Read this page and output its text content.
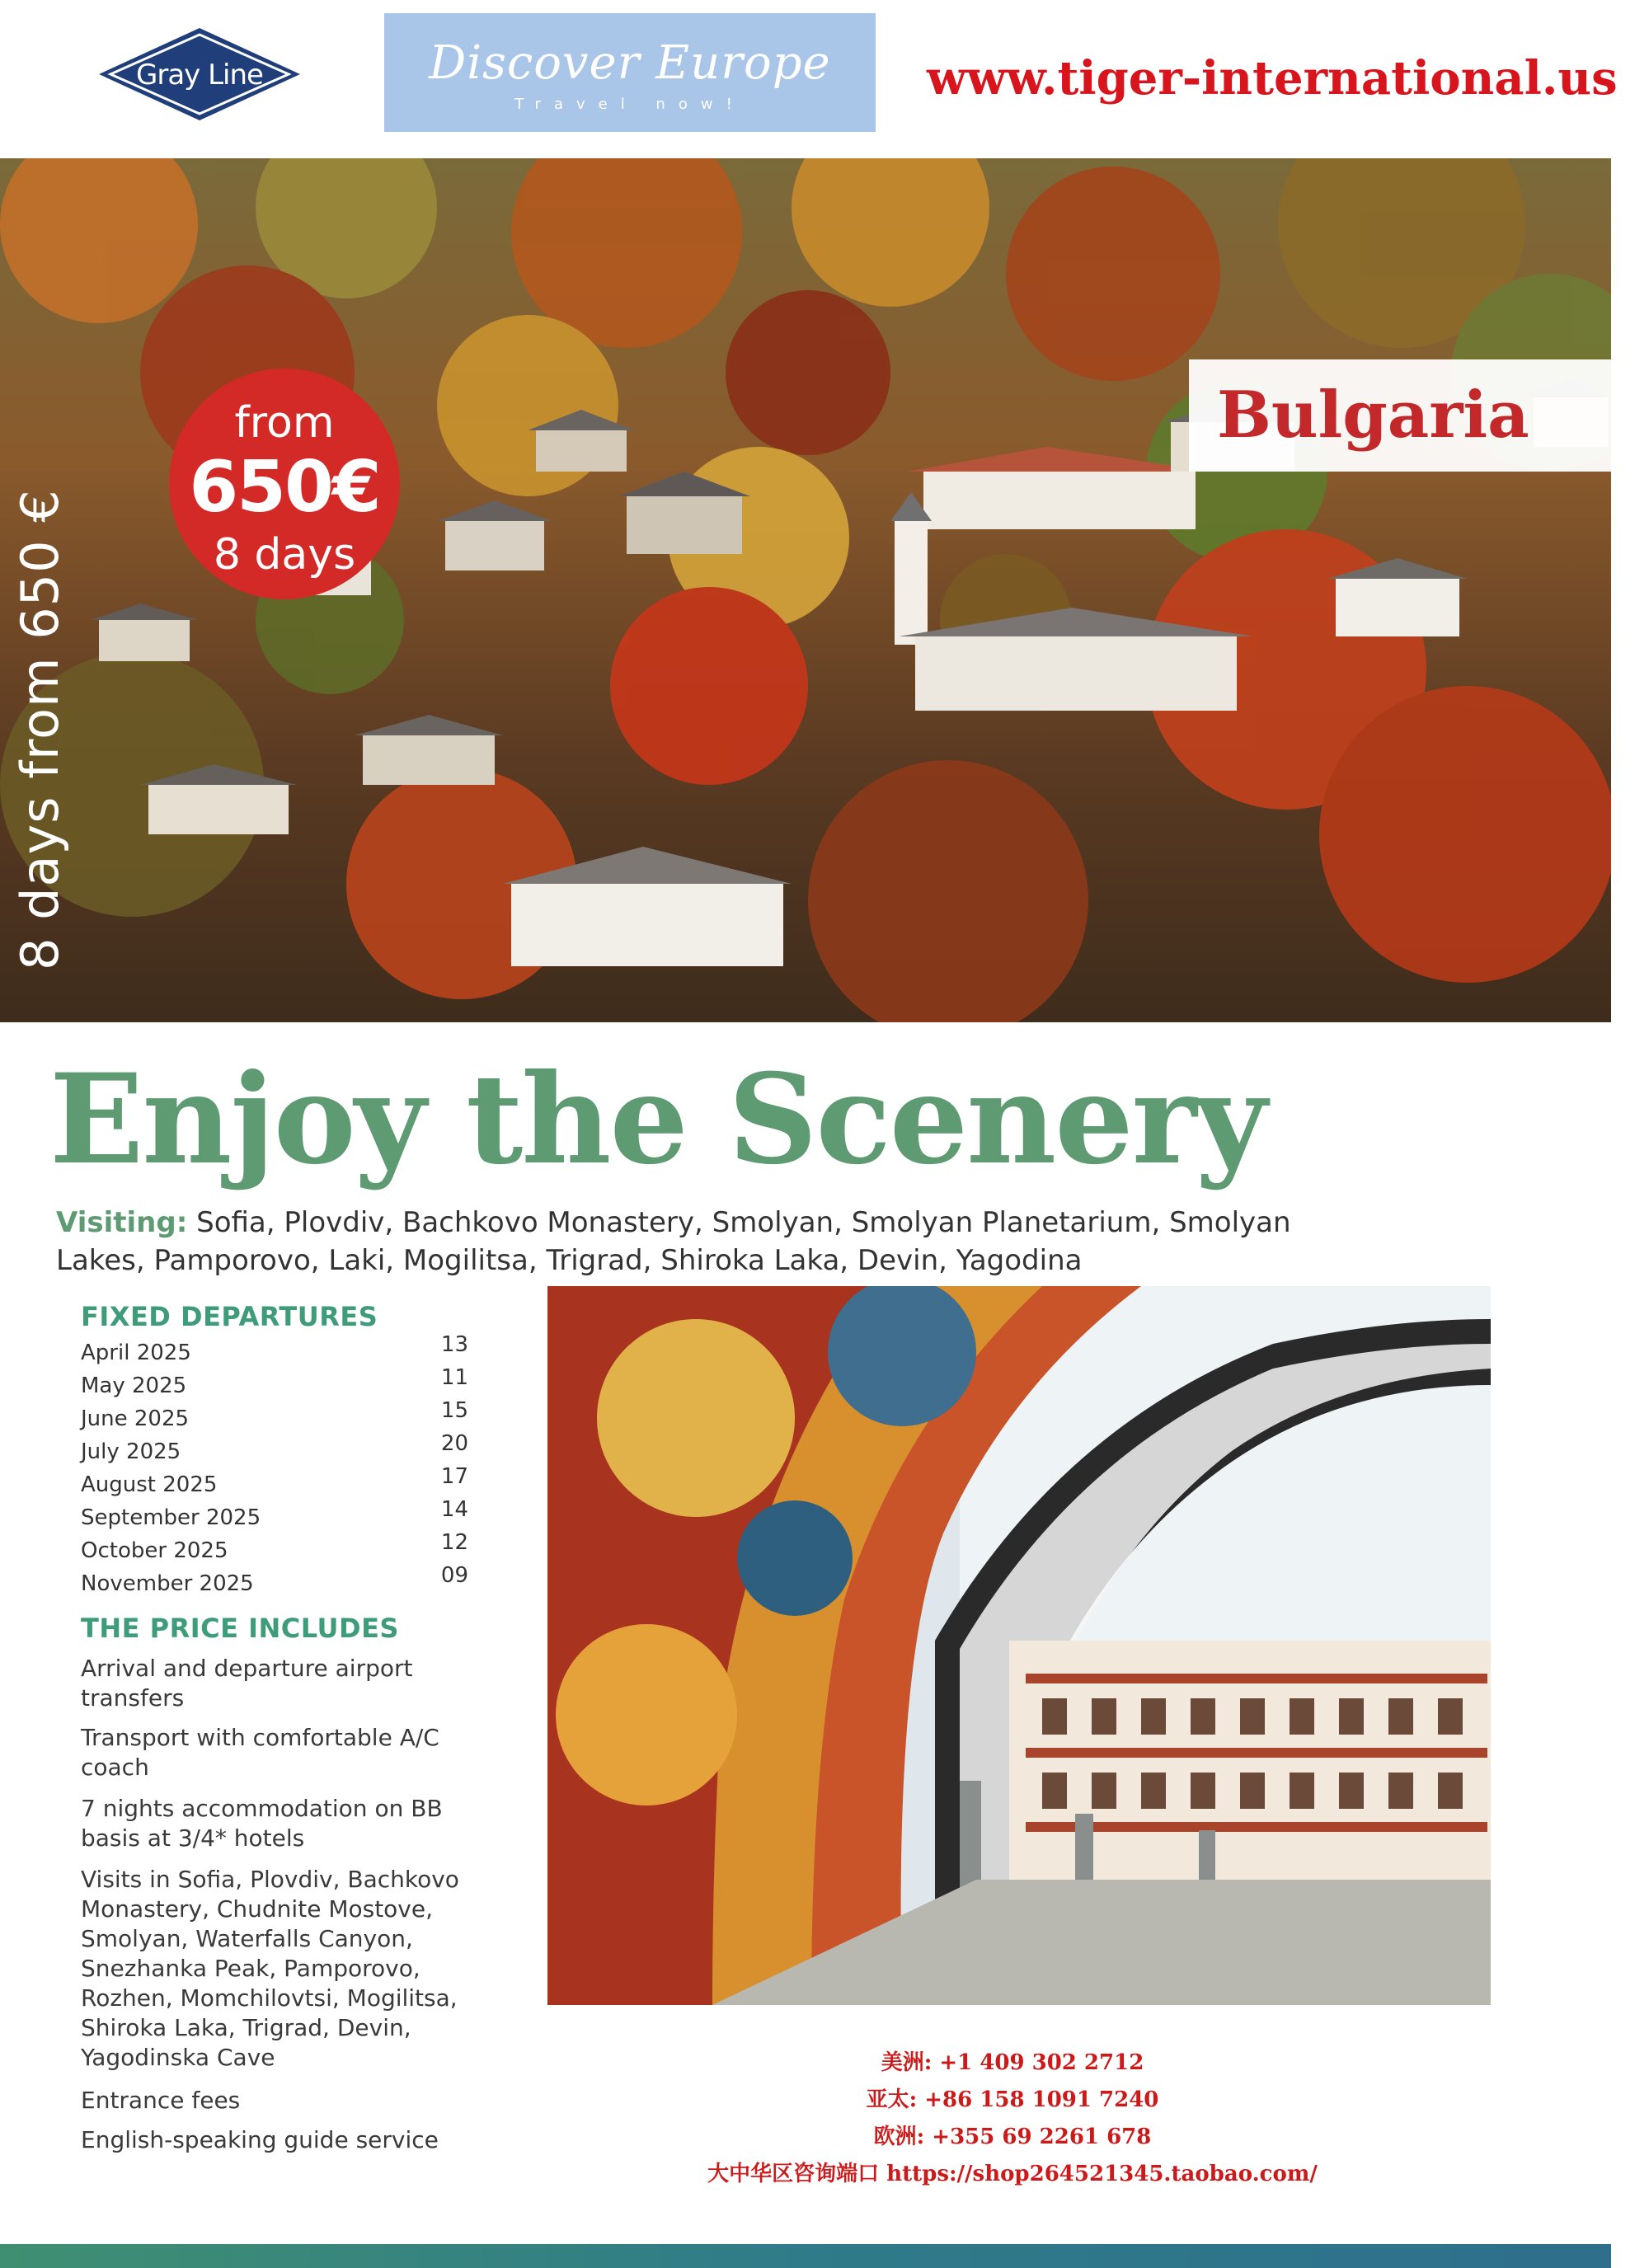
Gray Line	Discover Europe
Travel now!	www.tiger-international.us
8 days from 650 €
from
650€
8 days
Bulgaria
Enjoy the Scenery
Visiting: Sofia, Plovdiv, Bachkovo Monastery, Smolyan, Smolyan Planetarium, Smolyan Lakes, Pamporovo, Laki, Mogilitsa, Trigrad, Shiroka Laka, Devin, Yagodina
FIXED DEPARTURES
April 2025	13
May 2025	11
June 2025	15
July 2025	20
August 2025	17
September 2025	14
October 2025	12
November 2025	09
THE PRICE INCLUDES
Arrival and departure airport transfers
Transport with comfortable A/C coach
7 nights accommodation on BB basis at 3/4* hotels
Visits in Sofia, Plovdiv, Bachkovo Monastery, Chudnite Mostove, Smolyan, Waterfalls Canyon, Snezhanka Peak, Pamporovo, Rozhen, Momchilovtsi, Mogilitsa, Shiroka Laka, Trigrad, Devin, Yagodinska Cave
Entrance fees
English-speaking guide service
美洲: +1 409 302 2712
亚太: +86 158 1091 7240
欧洲: +355 69 2261 678
大中华区咨询端口 https://shop264521345.taobao.com/
